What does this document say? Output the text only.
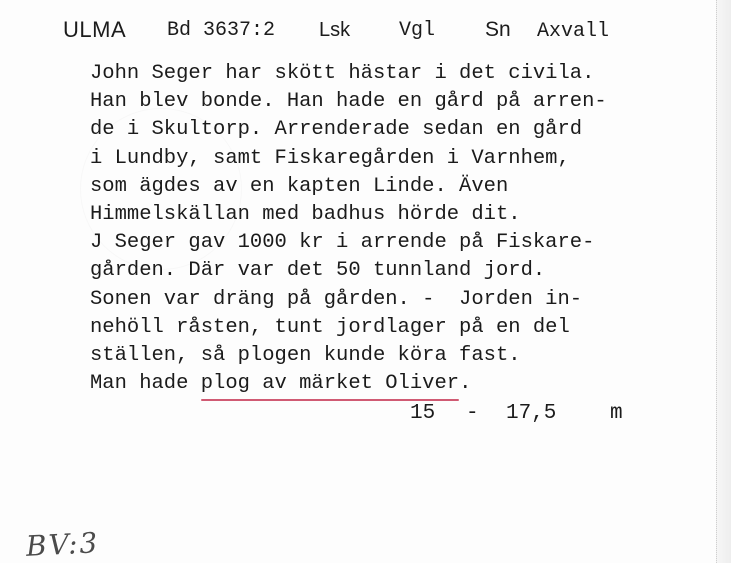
ULMA Bd 3637:2 Lsk Vgl Sn Axvall
John Seger har skött hästar i det civila.
Han blev bonde. Han hade en gård på arren-
de i Skultorp. Arrenderade sedan en gård
i Lundby, samt Fiskaregården i Varnhem,
som ägdes av en kapten Linde. Även
Himmelskällan med badhus hörde dit.
J Seger gav 1000 kr i arrende på Fiskare-
gården. Där var det 50 tunnland jord.
Sonen var dräng på gården. -  Jorden in-
nehöll råsten, tunt jordlager på en del
ställen, så plogen kunde köra fast.
Man hade plog av märket Oliver
.
15 - 17,5	m
BV:3
